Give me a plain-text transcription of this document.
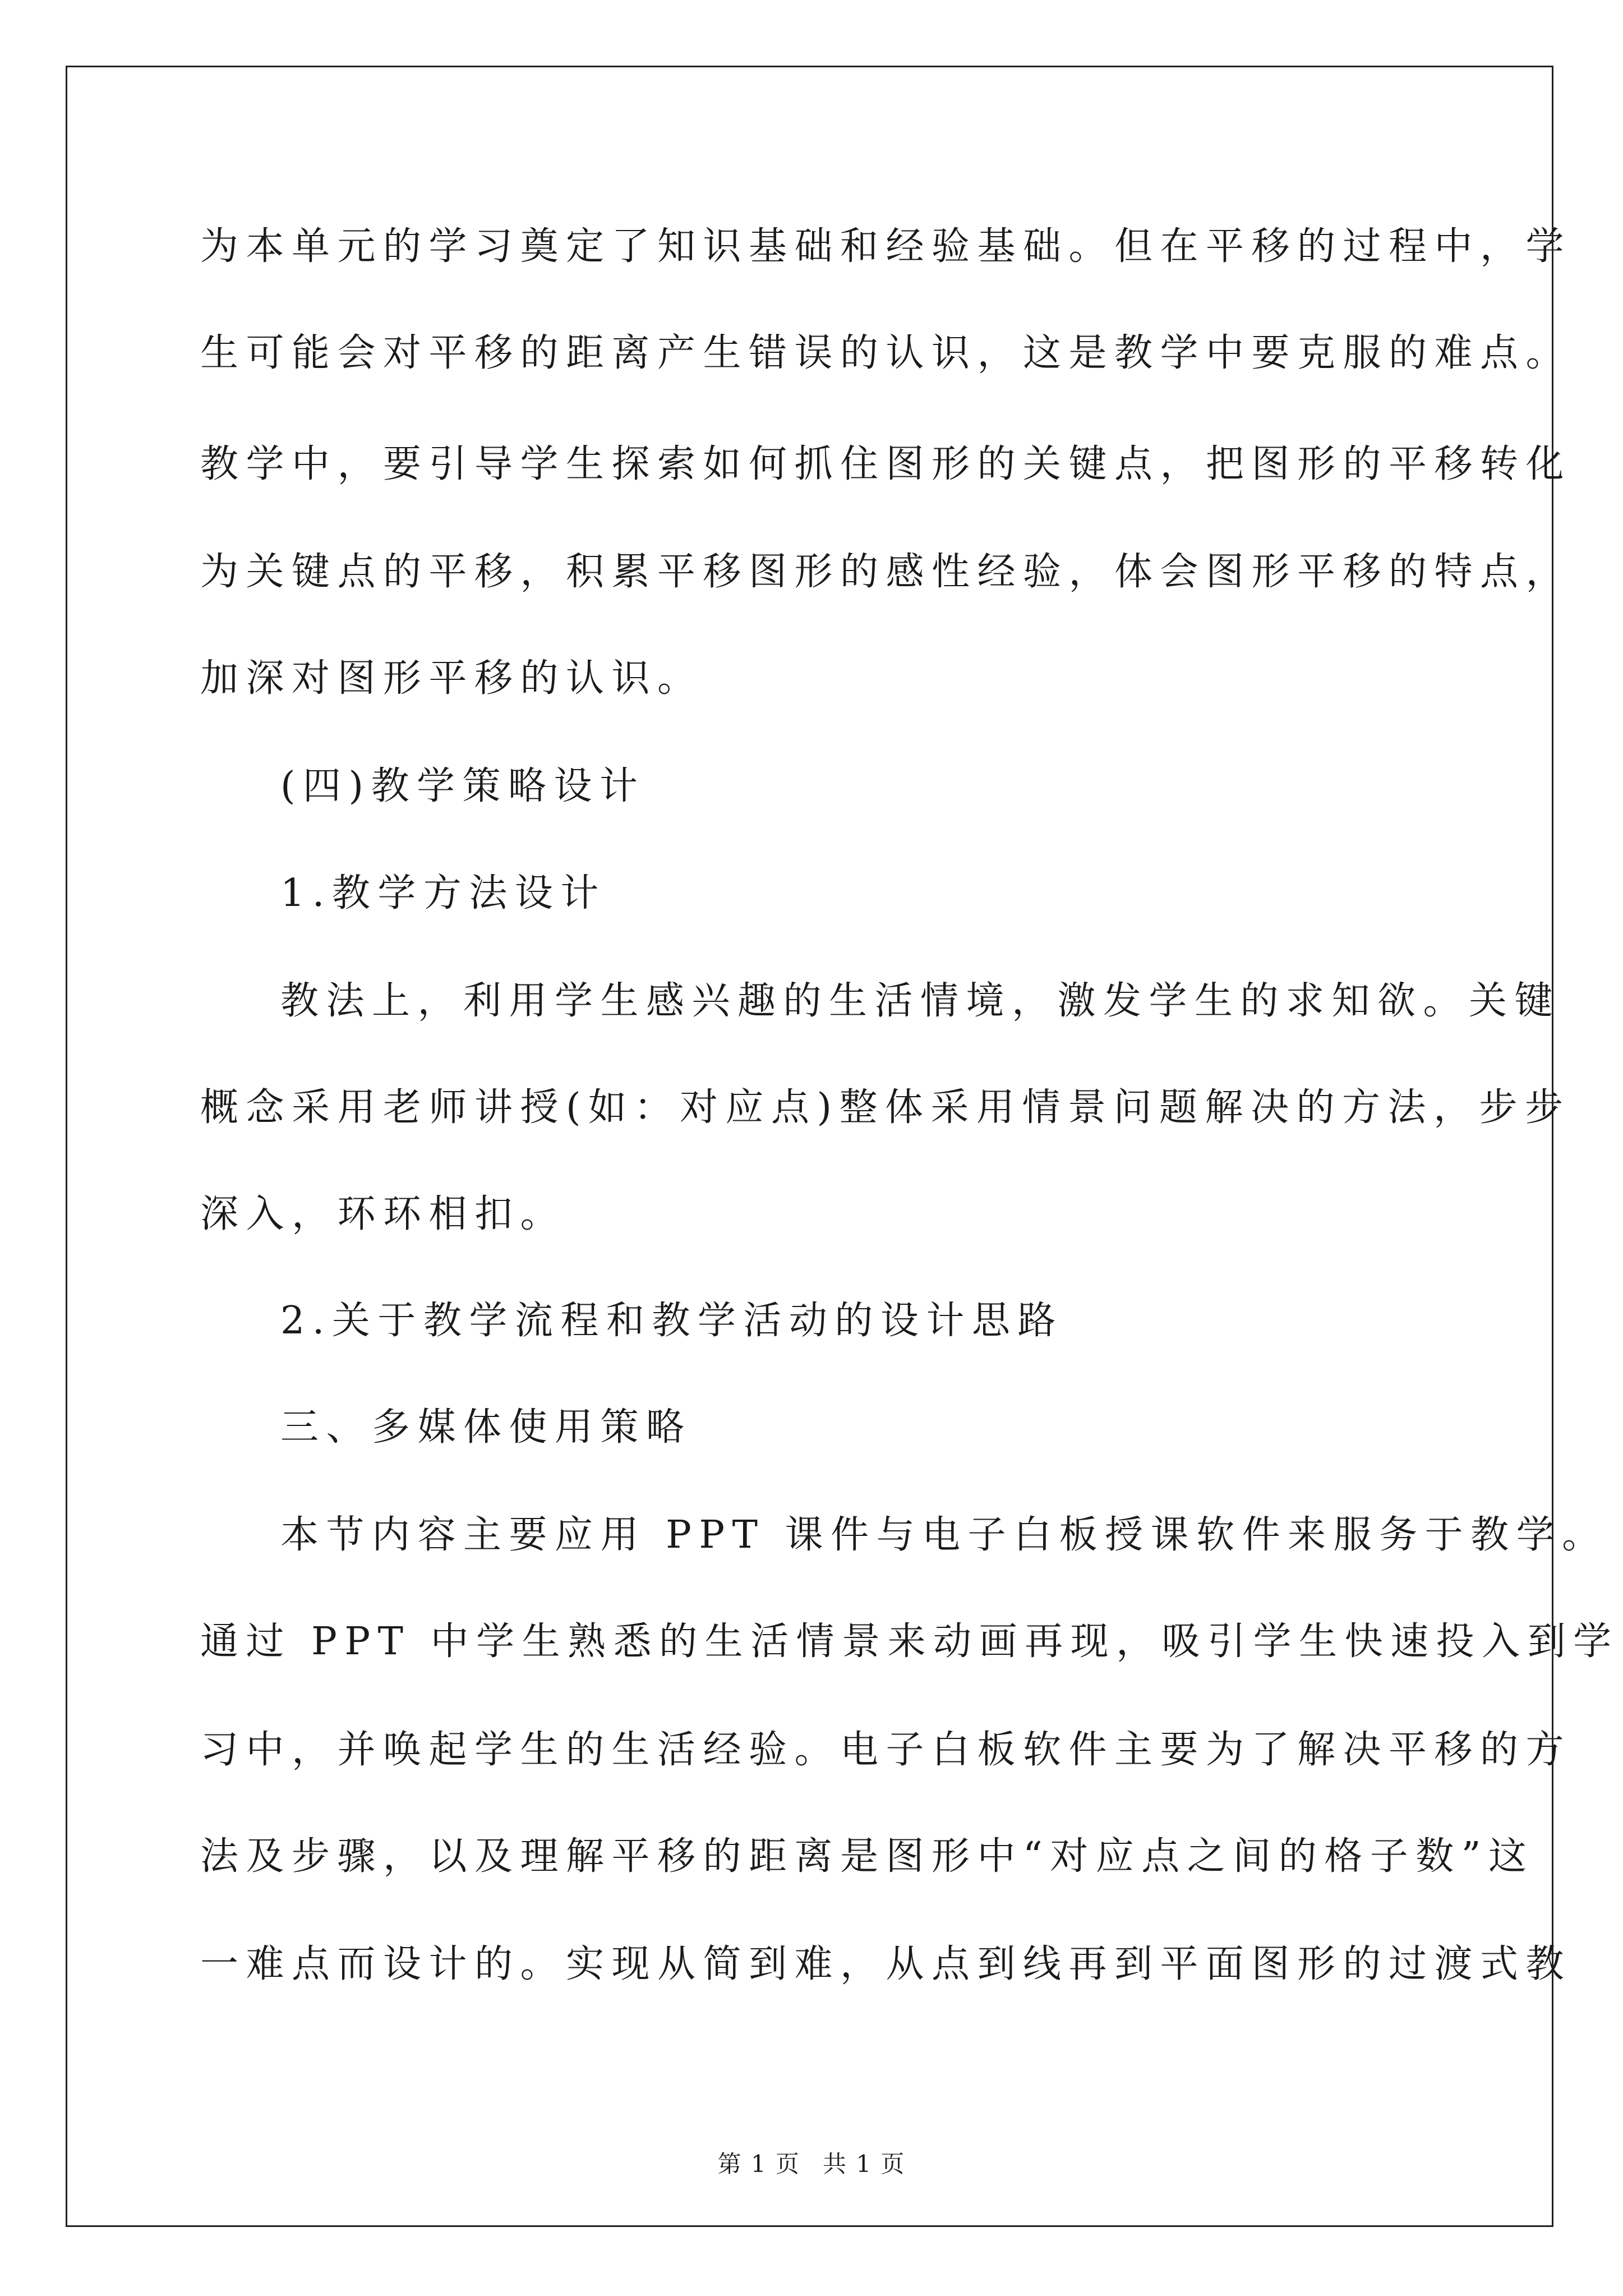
为本单元的学习奠定了知识基础和经验基础。但在平移的过程中，学
生可能会对平移的距离产生错误的认识，这是教学中要克服的难点。
教学中，要引导学生探索如何抓住图形的关键点，把图形的平移转化
为关键点的平移，积累平移图形的感性经验，体会图形平移的特点，
加深对图形平移的认识。
(四)教学策略设计
1.教学方法设计
教法上，利用学生感兴趣的生活情境，激发学生的求知欲。关键
概念采用老师讲授(如：对应点)整体采用情景问题解决的方法，步步
深入，环环相扣。
2.关于教学流程和教学活动的设计思路
三、多媒体使用策略
本节内容主要应用 PPT 课件与电子白板授课软件来服务于教学。
通过 PPT 中学生熟悉的生活情景来动画再现，吸引学生快速投入到学
习中，并唤起学生的生活经验。电子白板软件主要为了解决平移的方
法及步骤，以及理解平移的距离是图形中“对应点之间的格子数”这
一难点而设计的。实现从简到难，从点到线再到平面图形的过渡式教
第 1 页 共 1 页
